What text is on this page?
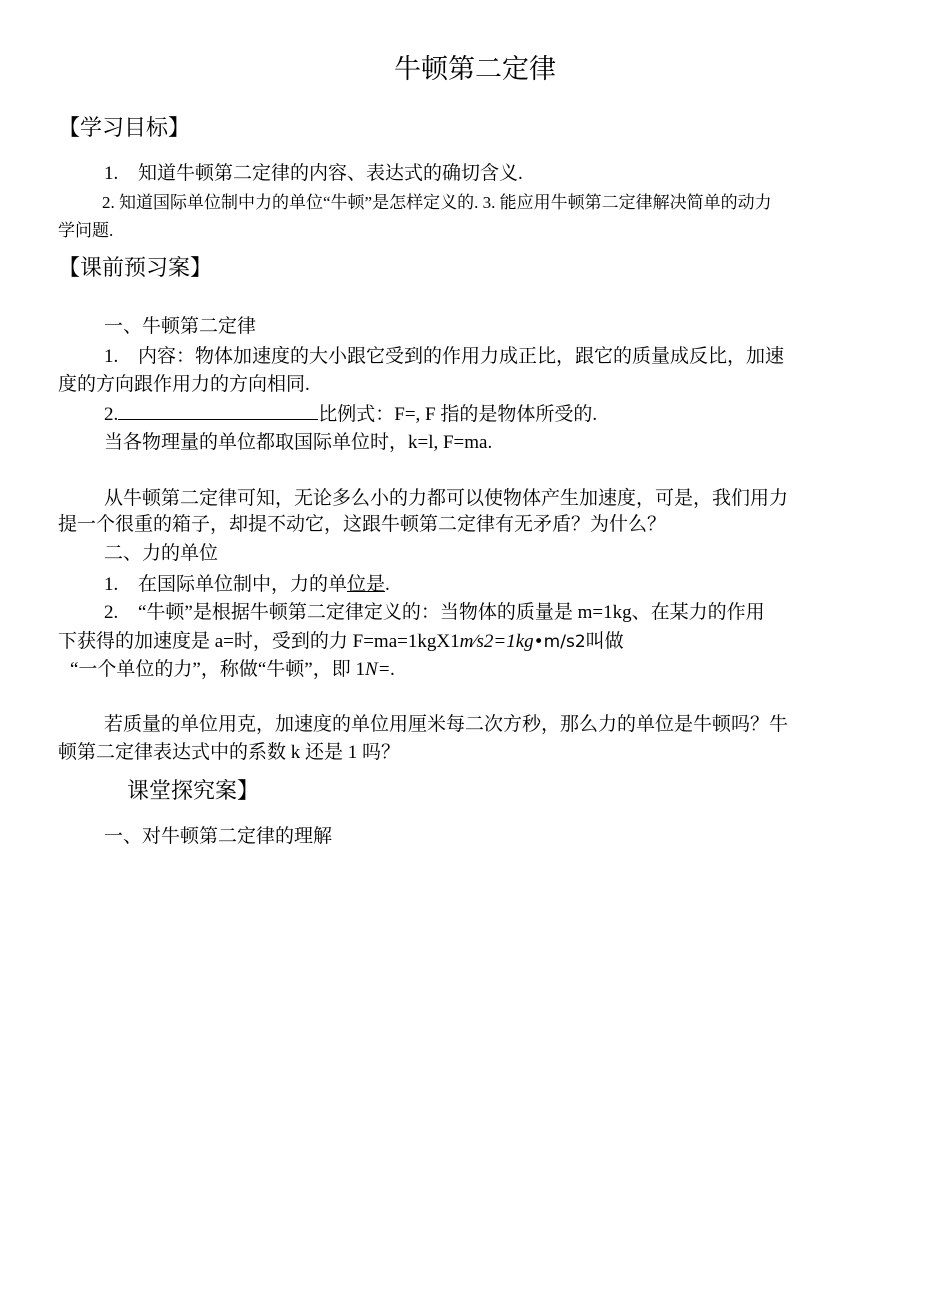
牛顿第二定律
【学习目标】
1. 知道牛顿第二定律的内容、表达式的确切含义.
2. 知道国际单位制中力的单位“牛顿”是怎样定义的. 3. 能应用牛顿第二定律解决简单的动力
学问题.
【课前预习案】
一、牛顿第二定律
1. 内容：物体加速度的大小跟它受到的作用力成正比，跟它的质量成反比，加速
度的方向跟作用力的方向相同.
2.	比例式：F=, F 指的是物体所受的.
当各物理量的单位都取国际单位时，k=l, F=ma.
从牛顿第二定律可知，无论多么小的力都可以使物体产生加速度，可是，我们用力
提一个很重的箱子，却提不动它，这跟牛顿第二定律有无矛盾？为什么？
二、力的单位
1. 在国际单位制中，力的单位是.
2. “牛顿”是根据牛顿第二定律定义的：当物体的质量是 m=1kg、在某力的作用
下获得的加速度是 a=时，受到的力 F=ma=1kgX1m∕s2=1kg•m/s2叫做
“一个单位的力”，称做“牛顿”，即 1N=.
若质量的单位用克，加速度的单位用厘米每二次方秒，那么力的单位是牛顿吗？牛
顿第二定律表达式中的系数 k 还是 1 吗？
课堂探究案】
一、对牛顿第二定律的理解
